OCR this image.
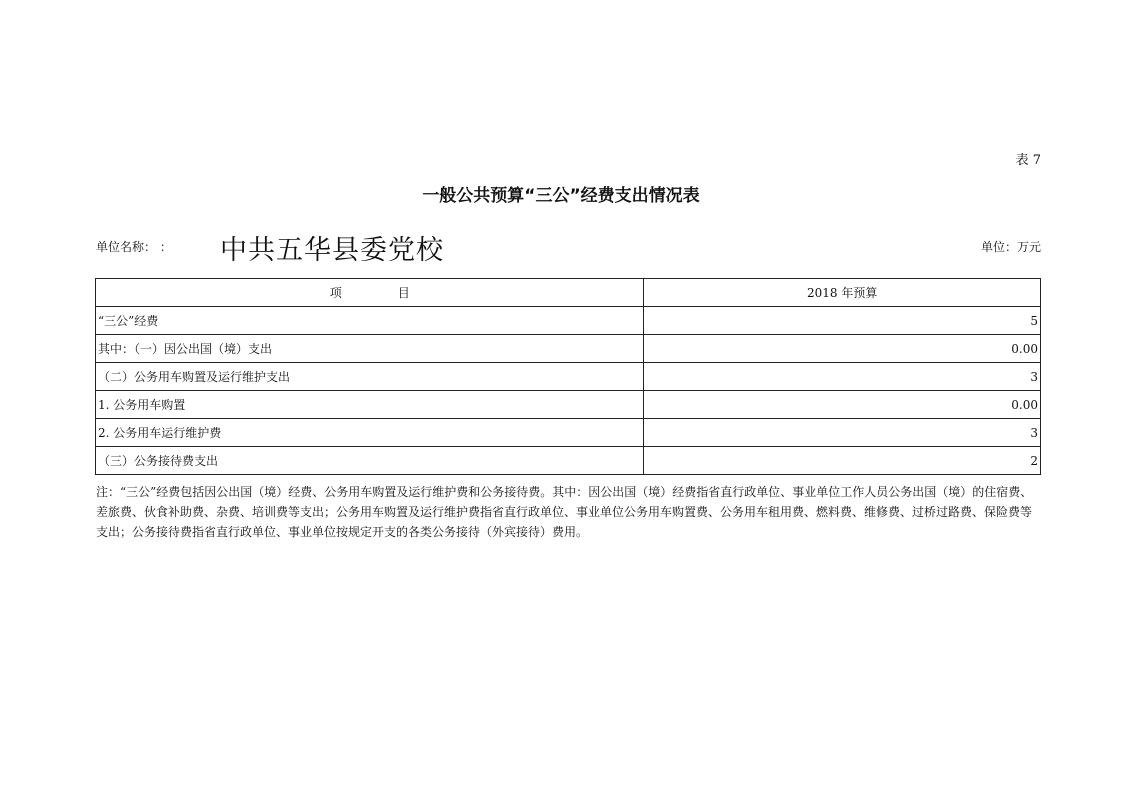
表 7
一般公共预算“三公”经费支出情况表
单位名称： ： 中共五华县委党校	单位：万元
项 目	2018 年预算
“三公”经费	5
其中：（一）因公出国（境）支出	0.00
（二）公务用车购置及运行维护支出	3
1. 公务用车购置	0.00
2. 公务用车运行维护费	3
（三）公务接待费支出	2
注：“三公”经费包括因公出国（境）经费、公务用车购置及运行维护费和公务接待费。其中：因公出国（境）经费指省直行政单位、事业单位工作人员公务出国（境）的住宿费、差旅费、伙食补助费、杂费、培训费等支出；公务用车购置及运行维护费指省直行政单位、事业单位公务用车购置费、公务用车租用费、燃料费、维修费、过桥过路费、保险费等支出；公务接待费指省直行政单位、事业单位按规定开支的各类公务接待（外宾接待）费用。
